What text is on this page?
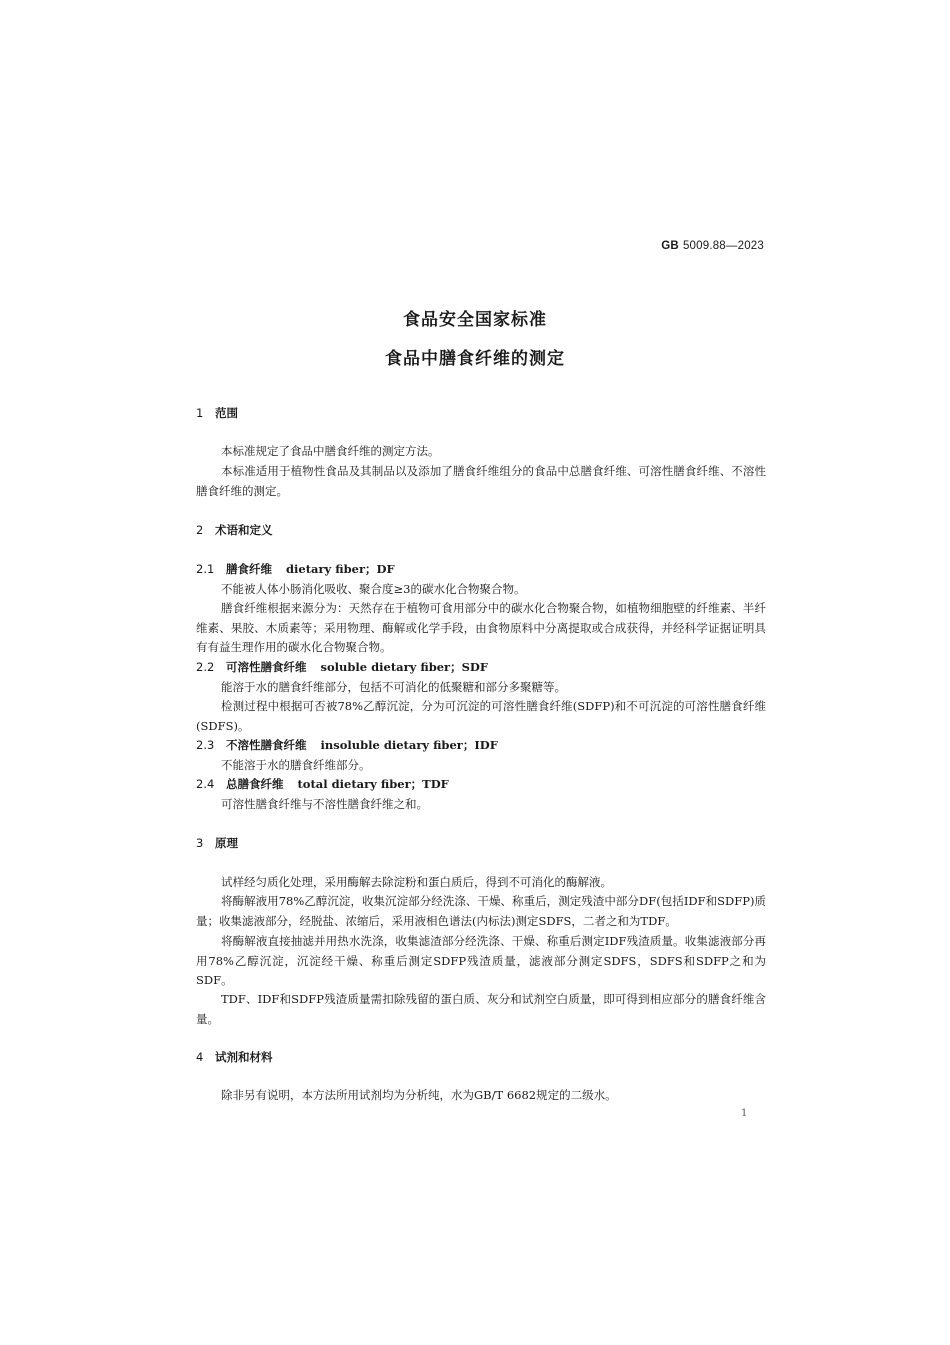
GB 5009.88—2023
食品安全国家标准
食品中膳食纤维的测定
1 范围
本标准规定了食品中膳食纤维的测定方法。
本标准适用于植物性食品及其制品以及添加了膳食纤维组分的食品中总膳食纤维、可溶性膳食纤维、不溶性膳食纤维的测定。
2 术语和定义
2.1 膳食纤维 dietary fiber；DF
不能被人体小肠消化吸收、聚合度≥3的碳水化合物聚合物。
膳食纤维根据来源分为：天然存在于植物可食用部分中的碳水化合物聚合物，如植物细胞壁的纤维素、半纤维素、果胶、木质素等；采用物理、酶解或化学手段，由食物原料中分离提取或合成获得，并经科学证据证明具有有益生理作用的碳水化合物聚合物。
2.2 可溶性膳食纤维 soluble dietary fiber；SDF
能溶于水的膳食纤维部分，包括不可消化的低聚糖和部分多聚糖等。
检测过程中根据可否被78%乙醇沉淀，分为可沉淀的可溶性膳食纤维(SDFP)和不可沉淀的可溶性膳食纤维(SDFS)。
2.3 不溶性膳食纤维 insoluble dietary fiber；IDF
不能溶于水的膳食纤维部分。
2.4 总膳食纤维 total dietary fiber；TDF
可溶性膳食纤维与不溶性膳食纤维之和。
3 原理
试样经匀质化处理，采用酶解去除淀粉和蛋白质后，得到不可消化的酶解液。
将酶解液用78%乙醇沉淀，收集沉淀部分经洗涤、干燥、称重后，测定残渣中部分DF(包括IDF和SDFP)质量；收集滤液部分，经脱盐、浓缩后，采用液相色谱法(内标法)测定SDFS，二者之和为TDF。
将酶解液直接抽滤并用热水洗涤，收集滤渣部分经洗涤、干燥、称重后测定IDF残渣质量。收集滤液部分再用78%乙醇沉淀，沉淀经干燥、称重后测定SDFP残渣质量，滤液部分测定SDFS，SDFS和SDFP之和为SDF。
TDF、IDF和SDFP残渣质量需扣除残留的蛋白质、灰分和试剂空白质量，即可得到相应部分的膳食纤维含量。
4 试剂和材料
除非另有说明，本方法所用试剂均为分析纯，水为GB/T 6682规定的二级水。
1
